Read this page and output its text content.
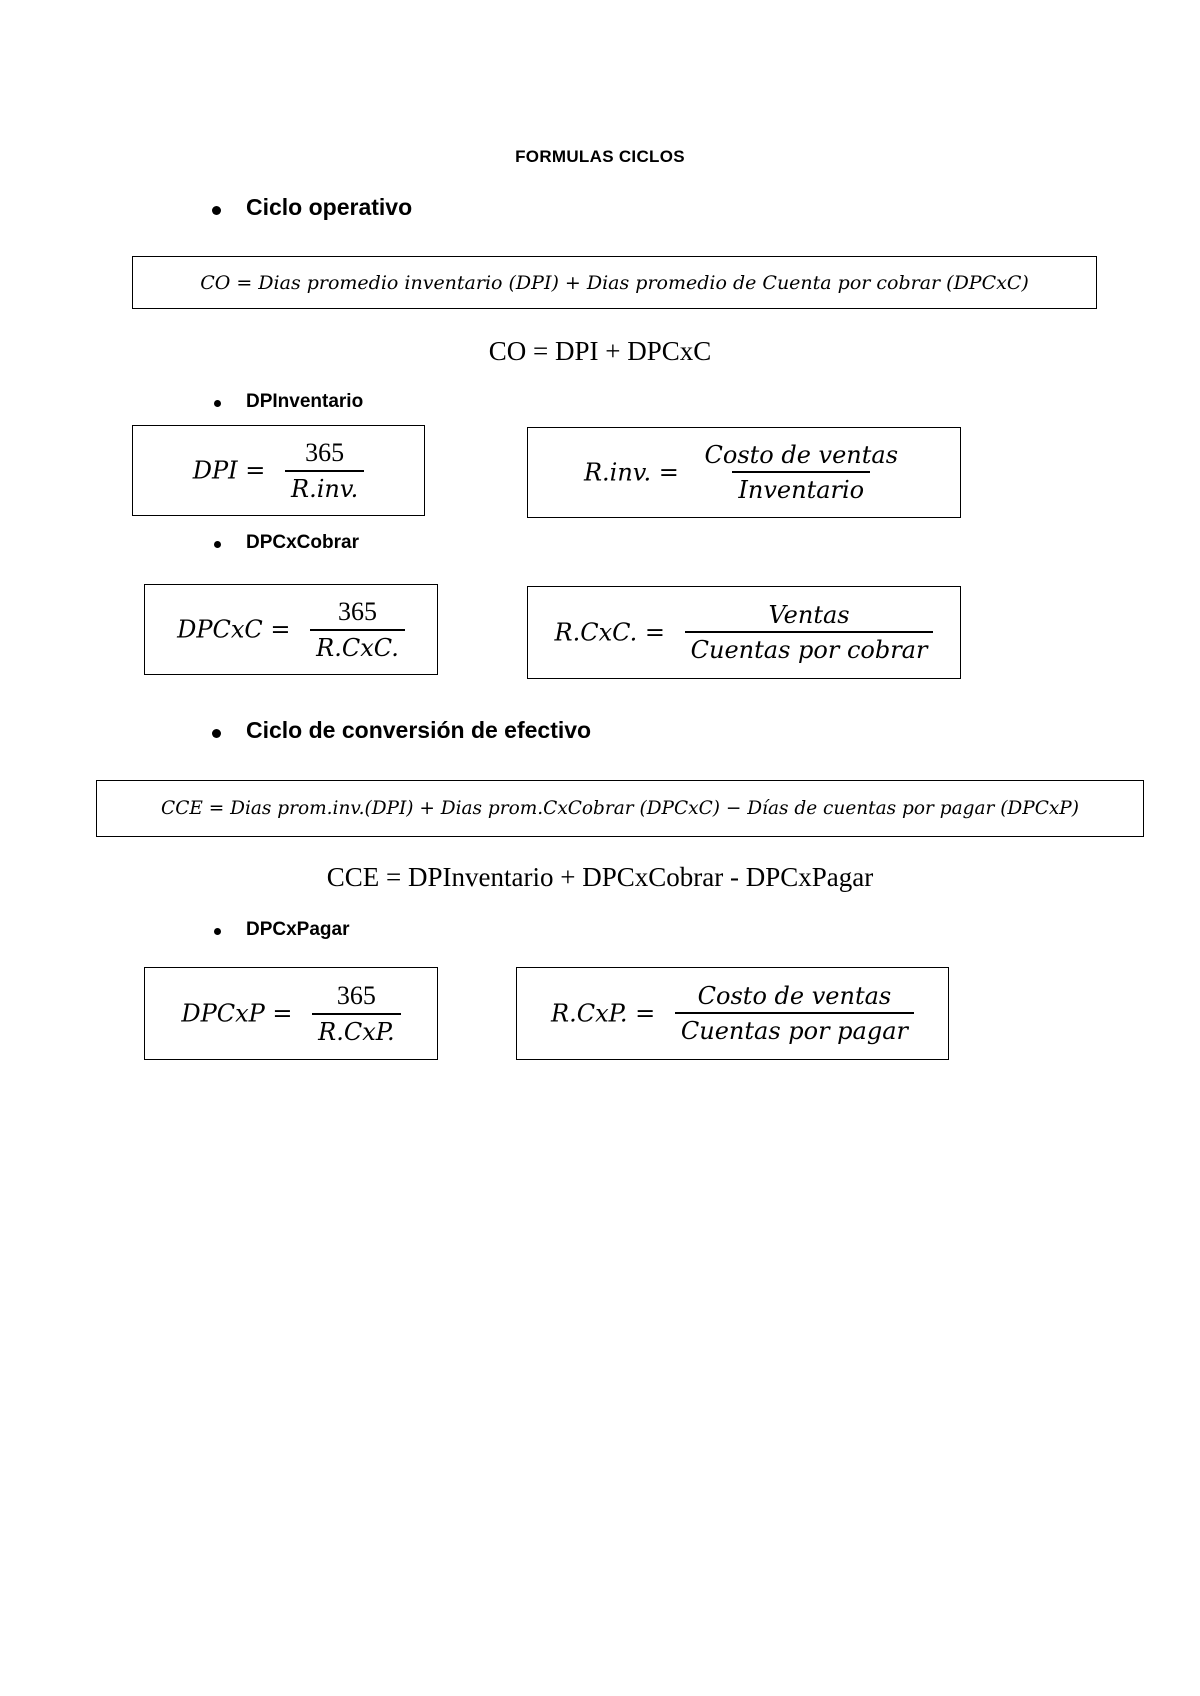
FORMULAS CICLOS
Ciclo operativo
CO = Dias promedio inventario (DPI) + Dias promedio de Cuenta por cobrar (DPCxC)
CO = DPI + DPCxC
DPInventario
DPI = $\frac{365}{\text{R.inv.}}$	R.inv. = $\frac{\text{Costo de ventas}}{\text{Inventario}}$
DPCxCobrar
DPCxC = $\frac{365}{\text{R.CxC.}}$	R.CxC. = $\frac{\text{Ventas}}{\text{Cuentas por cobrar}}$
Ciclo de conversión de efectivo
CCE = Dias prom.inv.(DPI) + Dias prom.CxCobrar (DPCxC) − Días de cuentas por pagar (DPCxP)
CCE = DPInventario + DPCxCobrar - DPCxPagar
DPCxPagar
DPCxP = $\frac{365}{\text{R.CxP.}}$	R.CxP. = $\frac{\text{Costo de ventas}}{\text{Cuentas por pagar}}$
